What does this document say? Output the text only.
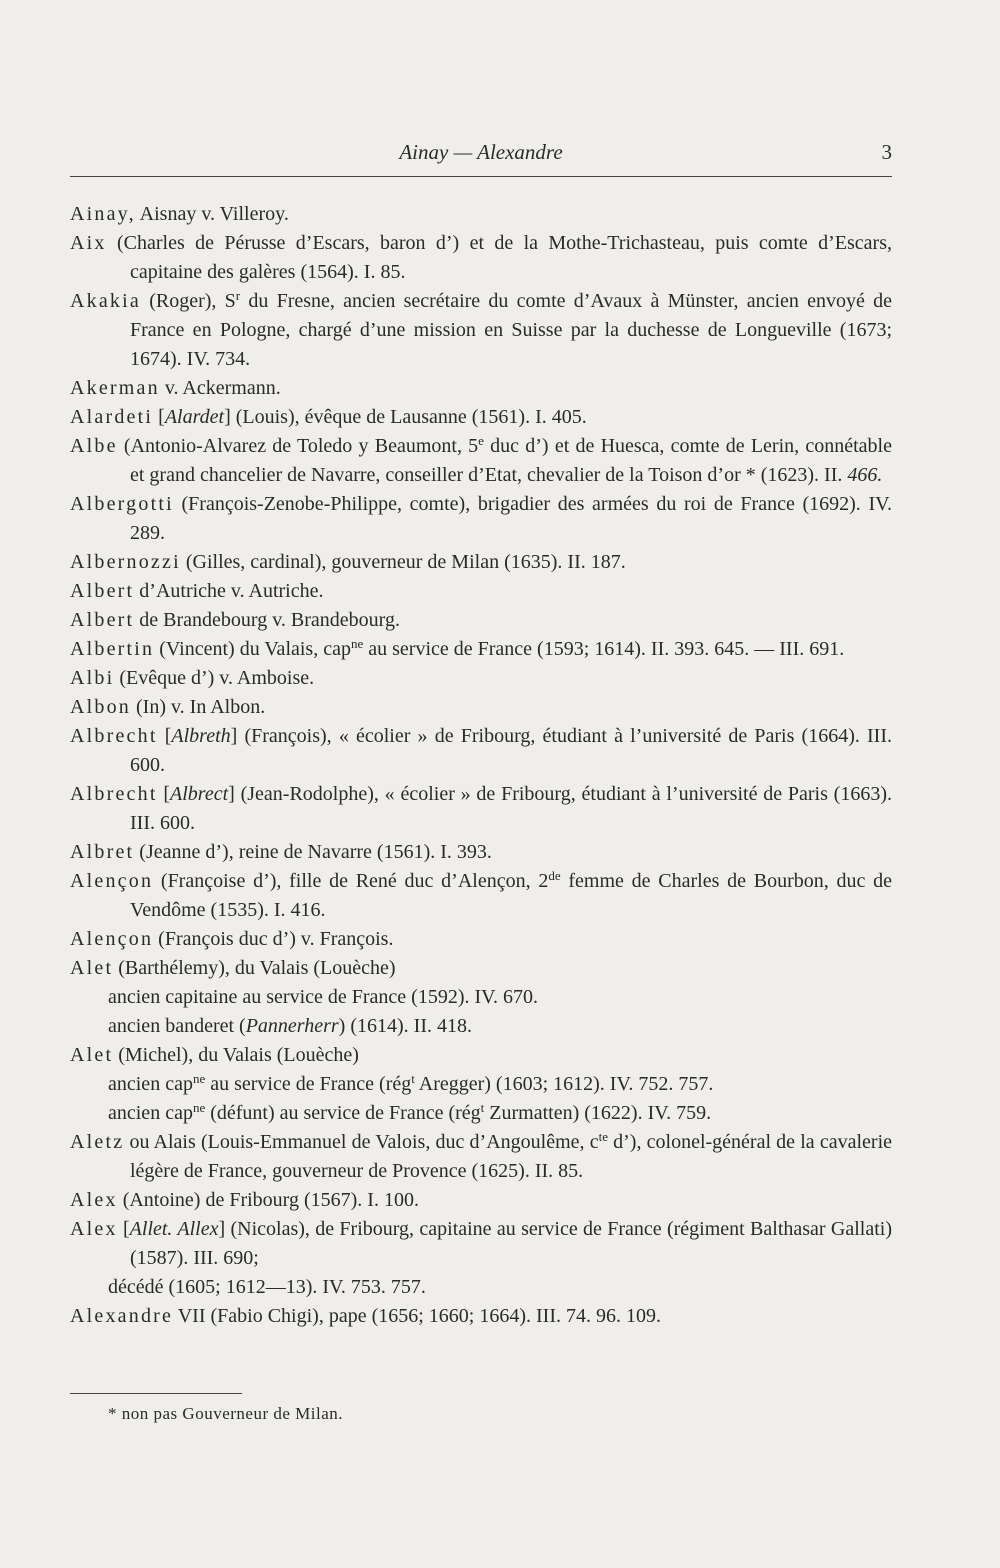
Ainay — Alexandre	3

Ainay, Aisnay v. Villeroy.

Aix (Charles de Pérusse d’Escars, baron d’) et de la Mothe-Trichasteau, puis comte d’Escars, capitaine des galères (1564). I. 85.

Akakia (Roger), $S^r$ du Fresne, ancien secrétaire du comte d’Avaux à Münster, ancien envoyé de France en Pologne, chargé d’une mission en Suisse par la duchesse de Longueville (1673; 1674). IV. 734.

Akerman v. Ackermann.

Alardeti [Alardet] (Louis), évêque de Lausanne (1561). I. 405.

Albe (Antonio-Alvarez de Toledo y Beaumont, 5e duc d’) et de Huesca, comte de Lerin, connétable et grand chancelier de Navarre, conseiller d’Etat, chevalier de la Toison d’or * (1623). II. 466.

Albergotti (François-Zenobe-Philippe, comte), brigadier des armées du roi de France (1692). IV. 289.

Albernozzi (Gilles, cardinal), gouverneur de Milan (1635). II. 187.

Albert d’Autriche v. Autriche.

Albert de Brandebourg v. Brandebourg.

Albertin (Vincent) du Valais, cap$^{ne}$ au service de France (1593; 1614). II. 393. 645. — III. 691.

Albi (Evêque d’) v. Amboise.

Albon (In) v. In Albon.

Albrecht [Albreth] (François), « écolier » de Fribourg, étudiant à l’université de Paris (1664). III. 600.

Albrecht [Albrect] (Jean-Rodolphe), « écolier » de Fribourg, étudiant à l’université de Paris (1663). III. 600.

Albret (Jeanne d’), reine de Navarre (1561). I. 393.

Alençon (Françoise d’), fille de René duc d’Alençon, 2de femme de Charles de Bourbon, duc de Vendôme (1535). I. 416.

Alençon (François duc d’) v. François.

Alet (Barthélemy), du Valais (Louèche)

ancien capitaine au service de France (1592). IV. 670.

ancien banderet (Pannerherr) (1614). II. 418.

Alet (Michel), du Valais (Louèche)

ancien cap$^{ne}$ au service de France (rég$^t$ Aregger) (1603; 1612). IV. 752. 757.

ancien cap$^{ne}$ (défunt) au service de France (rég$^t$ Zurmatten) (1622). IV. 759.

Aletz ou Alais (Louis-Emmanuel de Valois, duc d’Angoulême, $c^{te}$ d’), colonel-général de la cavalerie légère de France, gouverneur de Provence (1625). II. 85.

Alex (Antoine) de Fribourg (1567). I. 100.

Alex [Allet. Allex] (Nicolas), de Fribourg, capitaine au service de France (régiment Balthasar Gallati) (1587). III. 690;

décédé (1605; 1612—13). IV. 753. 757.

Alexandre VII (Fabio Chigi), pape (1656; 1660; 1664). III. 74. 96. 109.

* non pas Gouverneur de Milan.
